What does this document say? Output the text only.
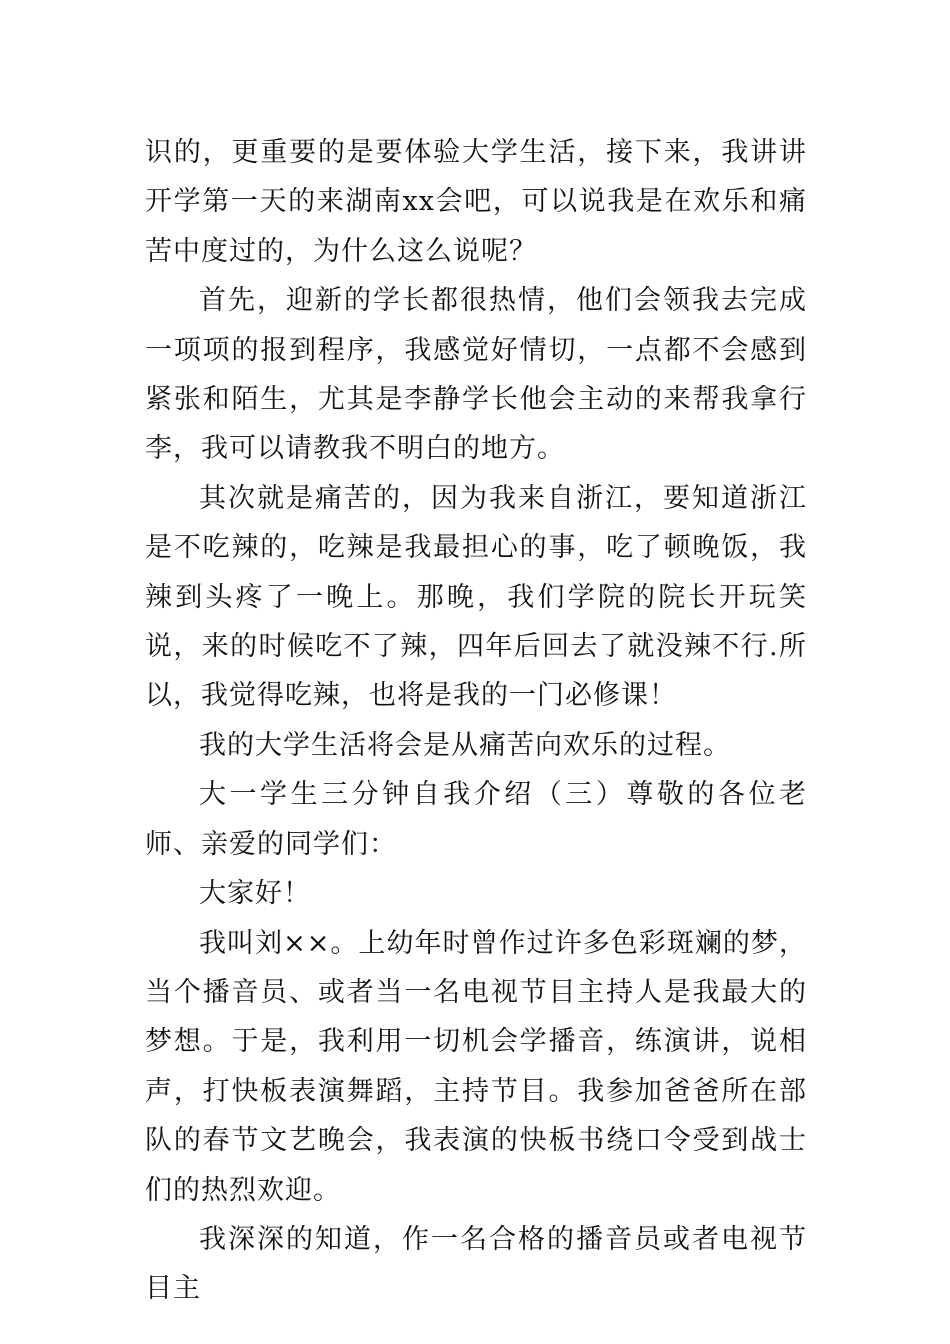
识的，更重要的是要体验大学生活，接下来，我讲讲开学第一天的来湖南xx会吧，可以说我是在欢乐和痛苦中度过的，为什么这么说呢？

首先，迎新的学长都很热情，他们会领我去完成一项项的报到程序，我感觉好情切，一点都不会感到紧张和陌生，尤其是李静学长他会主动的来帮我拿行李，我可以请教我不明白的地方。

其次就是痛苦的，因为我来自浙江，要知道浙江是不吃辣的，吃辣是我最担心的事，吃了顿晚饭，我辣到头疼了一晚上。那晚，我们学院的院长开玩笑说，来的时候吃不了辣，四年后回去了就没辣不行.所以，我觉得吃辣，也将是我的一门必修课！

我的大学生活将会是从痛苦向欢乐的过程。

大一学生三分钟自我介绍（三）尊敬的各位老师、亲爱的同学们：

大家好！

我叫刘××。上幼年时曾作过许多色彩斑斓的梦，当个播音员、或者当一名电视节目主持人是我最大的梦想。于是，我利用一切机会学播音，练演讲，说相声，打快板表演舞蹈，主持节目。我参加爸爸所在部队的春节文艺晚会，我表演的快板书绕口令受到战士们的热烈欢迎。

我深深的知道，作一名合格的播音员或者电视节目主
